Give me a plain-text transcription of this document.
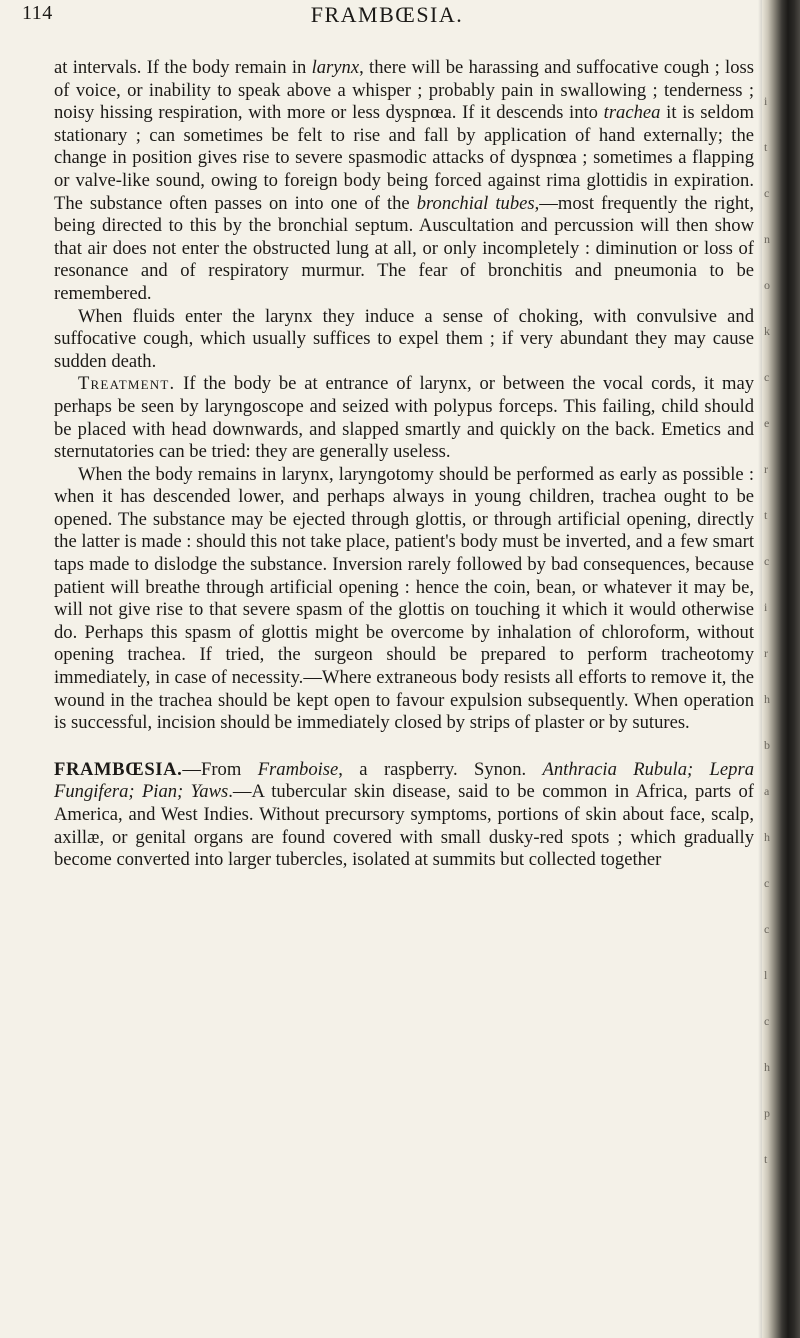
114	FRAMBŒSIA.

at intervals. If the body remain in larynx, there will be harassing and suffocative cough ; loss of voice, or inability to speak above a whisper ; probably pain in swallowing ; tenderness ; noisy hissing respiration, with more or less dyspnœa. If it descends into trachea it is seldom stationary ; can sometimes be felt to rise and fall by application of hand externally; the change in position gives rise to severe spasmodic attacks of dyspnœa ; sometimes a flapping or valve-like sound, owing to foreign body being forced against rima glottidis in expiration. The substance often passes on into one of the bronchial tubes,—most frequently the right, being directed to this by the bronchial septum. Auscultation and percussion will then show that air does not enter the obstructed lung at all, or only incompletely : diminution or loss of resonance and of respiratory murmur. The fear of bronchitis and pneumonia to be remembered.

When fluids enter the larynx they induce a sense of choking, with convulsive and suffocative cough, which usually suffices to expel them ; if very abundant they may cause sudden death.

Treatment. If the body be at entrance of larynx, or between the vocal cords, it may perhaps be seen by laryngoscope and seized with polypus forceps. This failing, child should be placed with head downwards, and slapped smartly and quickly on the back. Emetics and sternutatories can be tried: they are generally useless.

When the body remains in larynx, laryngotomy should be performed as early as possible : when it has descended lower, and perhaps always in young children, trachea ought to be opened. The substance may be ejected through glottis, or through artificial opening, directly the latter is made : should this not take place, patient's body must be inverted, and a few smart taps made to dislodge the substance. Inversion rarely followed by bad consequences, because patient will breathe through artificial opening : hence the coin, bean, or whatever it may be, will not give rise to that severe spasm of the glottis on touching it which it would otherwise do. Perhaps this spasm of glottis might be overcome by inhalation of chloroform, without opening trachea. If tried, the surgeon should be prepared to perform tracheotomy immediately, in case of necessity.—Where extraneous body resists all efforts to remove it, the wound in the trachea should be kept open to favour expulsion subsequently. When operation is successful, incision should be immediately closed by strips of plaster or by sutures.

FRAMBŒSIA.—From Framboise, a raspberry. Synon. Anthracia Rubula; Lepra Fungifera; Pian; Yaws.—A tubercular skin disease, said to be common in Africa, parts of America, and West Indies. Without precursory symptoms, portions of skin about face, scalp, axillæ, or genital organs are found covered with small dusky-red spots ; which gradually become converted into larger tubercles, isolated at summits but collected together

i
t
c
n
o
k
c
e
r
t
c
i
r
h
b
a
h
c
c
l
c
h
p
t
